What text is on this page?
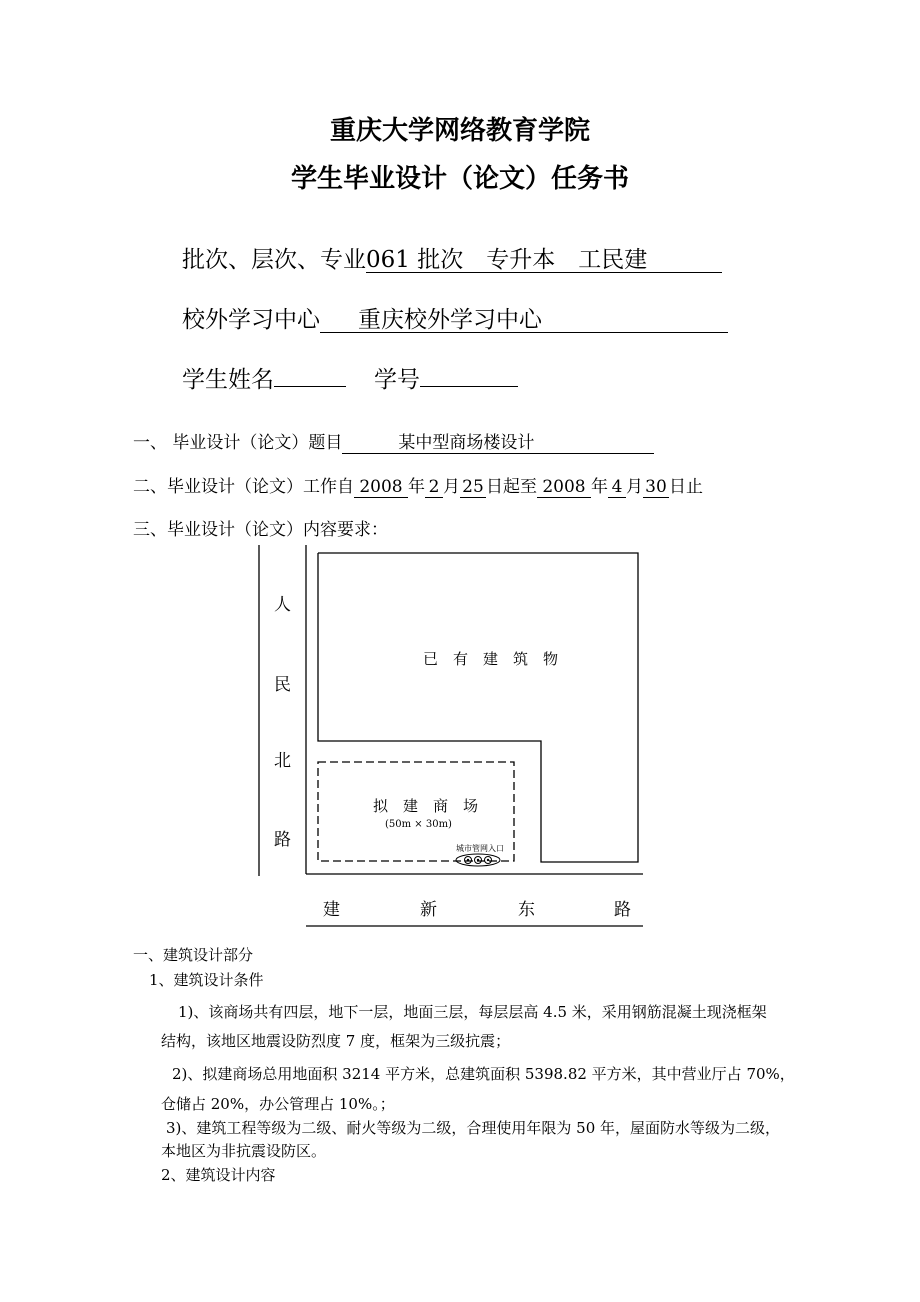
重庆大学网络教育学院
学生毕业设计（论文）任务书
批次、层次、专业061 批次　专升本　工民建
校外学习中心 重庆校外学习中心
学生姓名	学号
一、 毕业设计（论文）题目	某中型商场楼设计
二、毕业设计（论文）工作自 2008 年 2 月 25 日起至 2008 年 4 月 30 日止
三、毕业设计（论文）内容要求：
人
民
北
路
建	新	东	路
已　有　建　筑　物
拟　建　商　场
(50m × 30m)
城市管网入口
一、建筑设计部分
1、建筑设计条件
1)、该商场共有四层，地下一层，地面三层，每层层高 4.5 米，采用钢筋混凝土现浇框架
结构，该地区地震设防烈度 7 度，框架为三级抗震；
2)、拟建商场总用地面积 3214 平方米，总建筑面积 5398.82 平方米，其中营业厅占 70%，
仓储占 20%，办公管理占 10%。；
3)、建筑工程等级为二级、耐火等级为二级，合理使用年限为 50 年，屋面防水等级为二级，
本地区为非抗震设防区。
2、建筑设计内容
